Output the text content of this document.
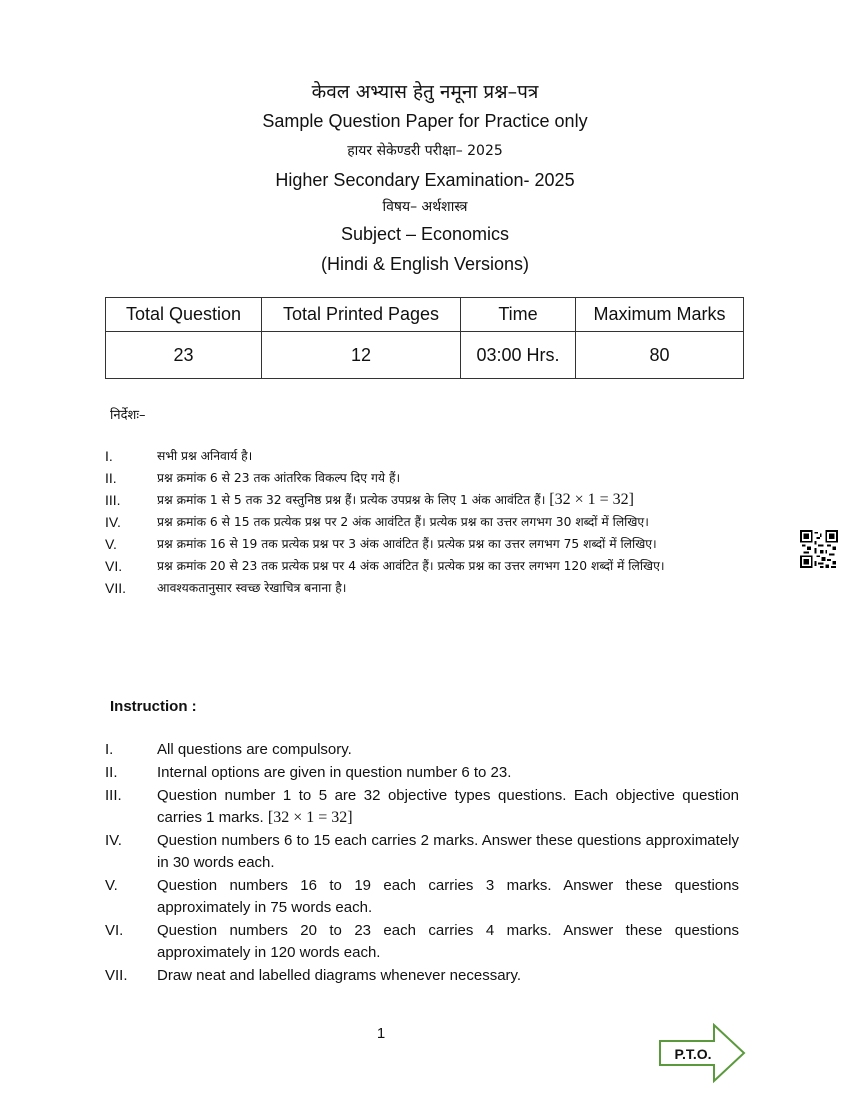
केवल अभ्यास हेतु नमूना प्रश्न–पत्र
Sample Question Paper for Practice only
हायर सेकेण्डरी परीक्षा– 2025
Higher Secondary Examination- 2025
विषय– अर्थशास्त्र
Subject – Economics
(Hindi & English Versions)
Total Question	Total Printed Pages	Time	Maximum Marks
23	12	03:00 Hrs.	80
निर्देशः–
I.	सभी प्रश्न अनिवार्य है।
II.	प्रश्न क्रमांक 6 से 23 तक आंतरिक विकल्प दिए गये हैं।
III.	प्रश्न क्रमांक 1 से 5 तक 32 वस्तुनिष्ठ प्रश्न हैं। प्रत्येक उपप्रश्न के लिए 1 अंक आवंटित हैं। [32 × 1 = 32]
IV.	प्रश्न क्रमांक 6 से 15 तक प्रत्येक प्रश्न पर 2 अंक आवंटित हैं। प्रत्येक प्रश्न का उत्तर लगभग 30 शब्दों में लिखिए।
V.	प्रश्न क्रमांक 16 से 19 तक प्रत्येक प्रश्न पर 3 अंक आवंटित हैं। प्रत्येक प्रश्न का उत्तर लगभग 75 शब्दों में लिखिए।
VI.	प्रश्न क्रमांक 20 से 23 तक प्रत्येक प्रश्न पर 4 अंक आवंटित हैं। प्रत्येक प्रश्न का उत्तर लगभग 120 शब्दों में लिखिए।
VII.	आवश्यकतानुसार स्वच्छ रेखाचित्र बनाना है।
Instruction :
I.	All questions are compulsory.
II.	Internal options are given in question number 6 to 23.
III.	Question number 1 to 5 are 32 objective types questions. Each objective question carries 1 marks. [32 × 1 = 32]
IV.	Question numbers 6 to 15 each carries 2 marks. Answer these questions approximately in 30 words each.
V.	Question numbers 16 to 19 each carries 3 marks. Answer these questions approximately in 75 words each.
VI.	Question numbers 20 to 23 each carries 4 marks. Answer these questions approximately in 120 words each.
VII.	Draw neat and labelled diagrams whenever necessary.
1
P.T.O.
